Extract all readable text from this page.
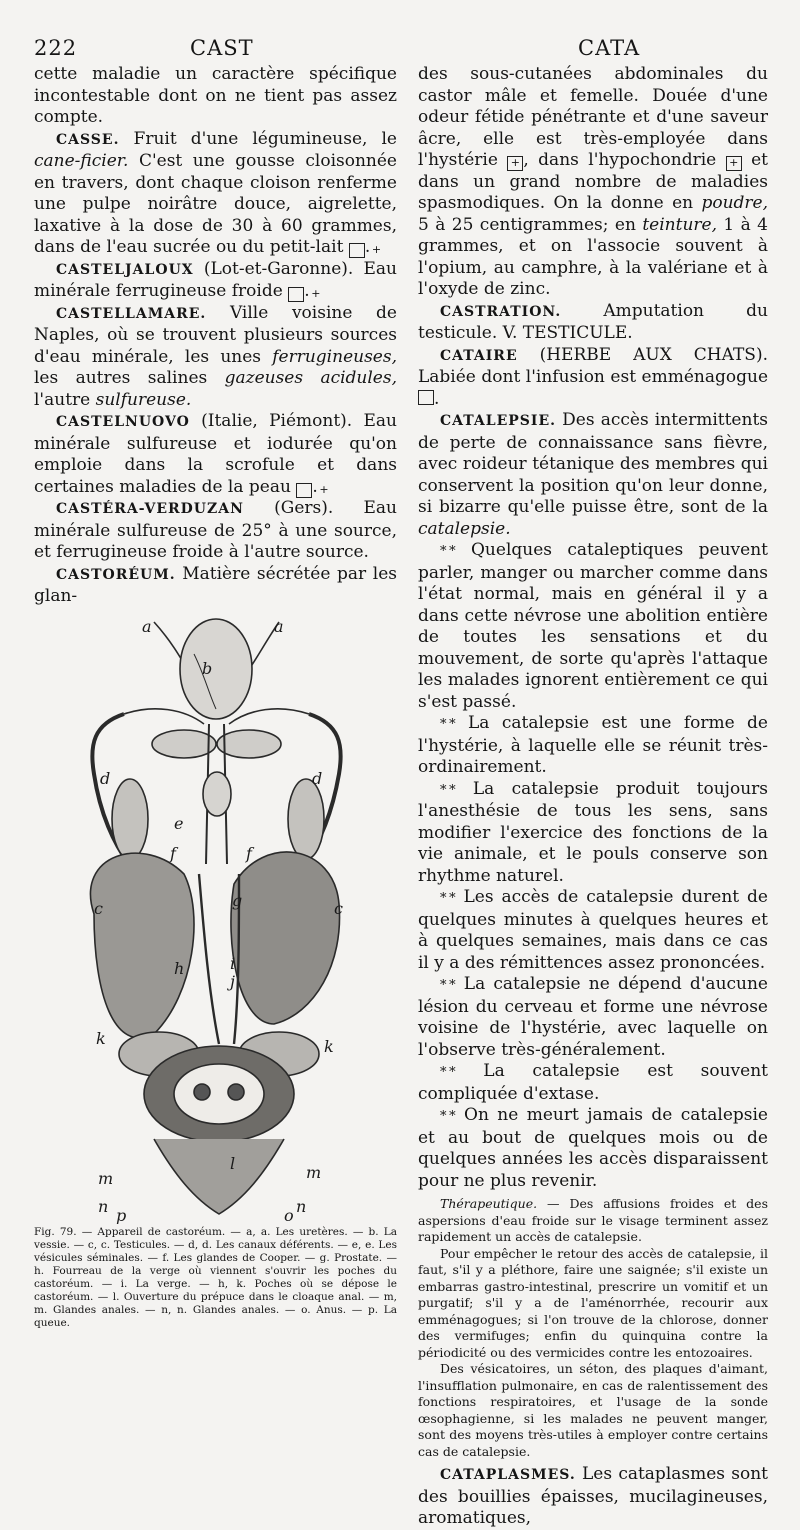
222	CAST	CATA

cette maladie un caractère spécifique incontestable dont on ne tient pas assez compte.

CASSE. Fruit d'une légumineuse, le cane-ficier. C'est une gousse cloisonnée en travers, dont chaque cloison renferme une pulpe noirâtre douce, aigrelette, laxative à la dose de 30 à 60 grammes, dans de l'eau sucrée ou du petit-lait	+.

CASTELJALOUX (Lot-et-Garonne). Eau minérale ferrugineuse froide	+.

CASTELLAMARE. Ville voisine de Naples, où se trouvent plusieurs sources d'eau minérale, les unes ferrugineuses, les autres salines gazeuses acidules, l'autre sulfureuse.

CASTELNUOVO (Italie, Piémont). Eau minérale sulfureuse et iodurée qu'on emploie dans la scrofule et dans certaines maladies de la peau	+.

CASTÉRA-VERDUZAN (Gers). Eau minérale sulfureuse de 25° à une source, et ferrugineuse froide à l'autre source.

CASTORÉUM. Matière sécrétée par les glan-

a	a
b
c	c
d	d
e
f	f
g
h	i
j
k	k
l
m	m
n	n
o
p

Fig. 79. — Appareil de castoréum. — a, a. Les uretères. — b. La vessie. — c, c. Testicules. — d, d. Les canaux déférents. — e, e. Les vésicules séminales. — f. Les glandes de Cooper. — g. Prostate. — h. Fourreau de la verge où viennent s'ouvrir les poches du castoréum. — i. La verge. — h, k. Poches où se dépose le castoréum. — l. Ouverture du prépuce dans le cloaque anal. — m, m. Glandes anales. — n, n. Glandes anales. — o. Anus. — p. La queue.

des sous-cutanées abdominales du castor mâle et femelle. Douée d'une odeur fétide pénétrante et d'une saveur âcre, elle est très-employée dans l'hystérie + , dans l'hypochondrie + et dans un grand nombre de maladies spasmodiques. On la donne en poudre, 5 à 25 centigrammes; en teinture, 1 à 4 grammes, et on l'associe souvent à l'opium, au camphre, à la valériane et à l'oxyde de zinc.

CASTRATION. Amputation du testicule. V. TESTICULE.

CATAIRE (HERBE AUX CHATS). Labiée dont l'infusion est emménagogue .

CATALEPSIE. Des accès intermittents de perte de connaissance sans fièvre, avec roideur tétanique des membres qui conservent la position qu'on leur donne, si bizarre qu'elle puisse être, sont de la catalepsie.

* * Quelques cataleptiques peuvent parler, manger ou marcher comme dans l'état normal, mais en général il y a dans cette névrose une abolition entière de toutes les sensations et du mouvement, de sorte qu'après l'attaque les malades ignorent entièrement ce qui s'est passé.

* * La catalepsie est une forme de l'hystérie, à laquelle elle se réunit très-ordinairement.

* * La catalepsie produit toujours l'anesthésie de tous les sens, sans modifier l'exercice des fonctions de la vie animale, et le pouls conserve son rhythme naturel.

* * Les accès de catalepsie durent de quelques minutes à quelques heures et à quelques semaines, mais dans ce cas il y a des rémittences assez prononcées.

* * La catalepsie ne dépend d'aucune lésion du cerveau et forme une névrose voisine de l'hystérie, avec laquelle on l'observe très-généralement.

* * La catalepsie est souvent compliquée d'extase.

* * On ne meurt jamais de catalepsie et au bout de quelques mois ou de quelques années les accès disparaissent pour ne plus revenir.

Thérapeutique. — Des affusions froides et des aspersions d'eau froide sur le visage terminent assez rapidement un accès de catalepsie.

Pour empêcher le retour des accès de catalepsie, il faut, s'il y a pléthore, faire une saignée; s'il existe un embarras gastro-intestinal, prescrire un vomitif et un purgatif; s'il y a de l'aménorrhée, recourir aux emménagogues; si l'on trouve de la chlorose, donner des vermifuges; enfin du quinquina contre la périodicité ou des vermicides contre les entozoaires.

Des vésicatoires, un séton, des plaques d'aimant, l'insufflation pulmonaire, en cas de ralentissement des fonctions respiratoires, et l'usage de la sonde œsophagienne, si les malades ne peuvent manger, sont des moyens très-utiles à employer contre certains cas de catalepsie.

CATAPLASMES. Les cataplasmes sont des bouillies épaisses, mucilagineuses, aromatiques,
